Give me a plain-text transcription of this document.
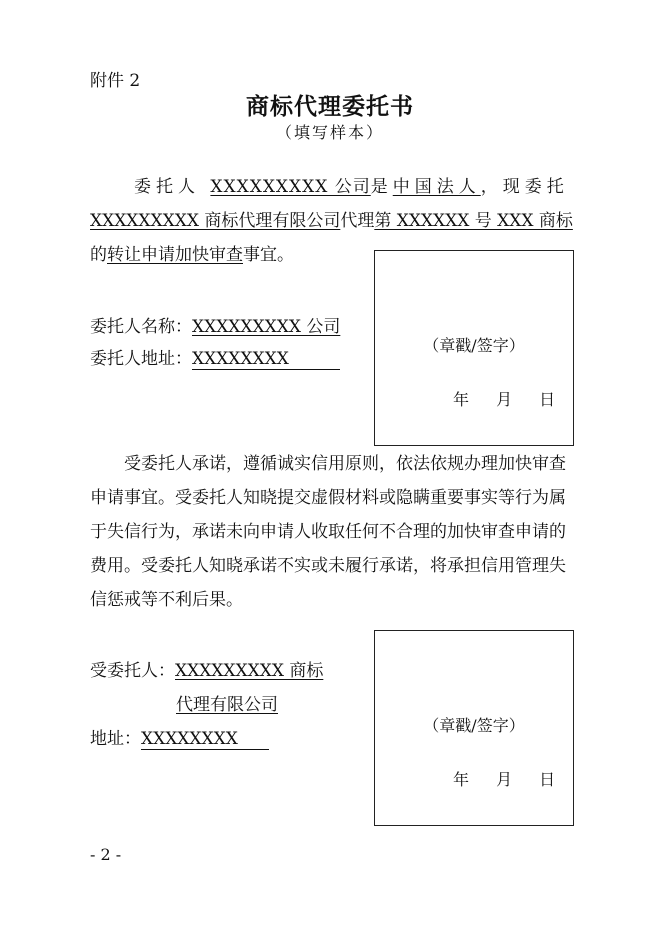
附件 2
商标代理委托书
（填写样本）
委托人 XXXXXXXXX 公司是中国法人，现委托
XXXXXXXXX 商标代理有限公司代理第 XXXXXX 号 XXX 商标
的转让申请加快审查事宜。
委托人名称：XXXXXXXXX 公司
委托人地址：XXXXXXXX
（章戳/签字）
年 月 日
受委托人承诺，遵循诚实信用原则，依法依规办理加快审查
申请事宜。受委托人知晓提交虚假材料或隐瞒重要事实等行为属
于失信行为，承诺未向申请人收取任何不合理的加快审查申请的
费用。受委托人知晓承诺不实或未履行承诺，将承担信用管理失
信惩戒等不利后果。
受委托人：XXXXXXXXX 商标
代理有限公司
地址：XXXXXXXX
（章戳/签字）
年 月 日
- 2 -
